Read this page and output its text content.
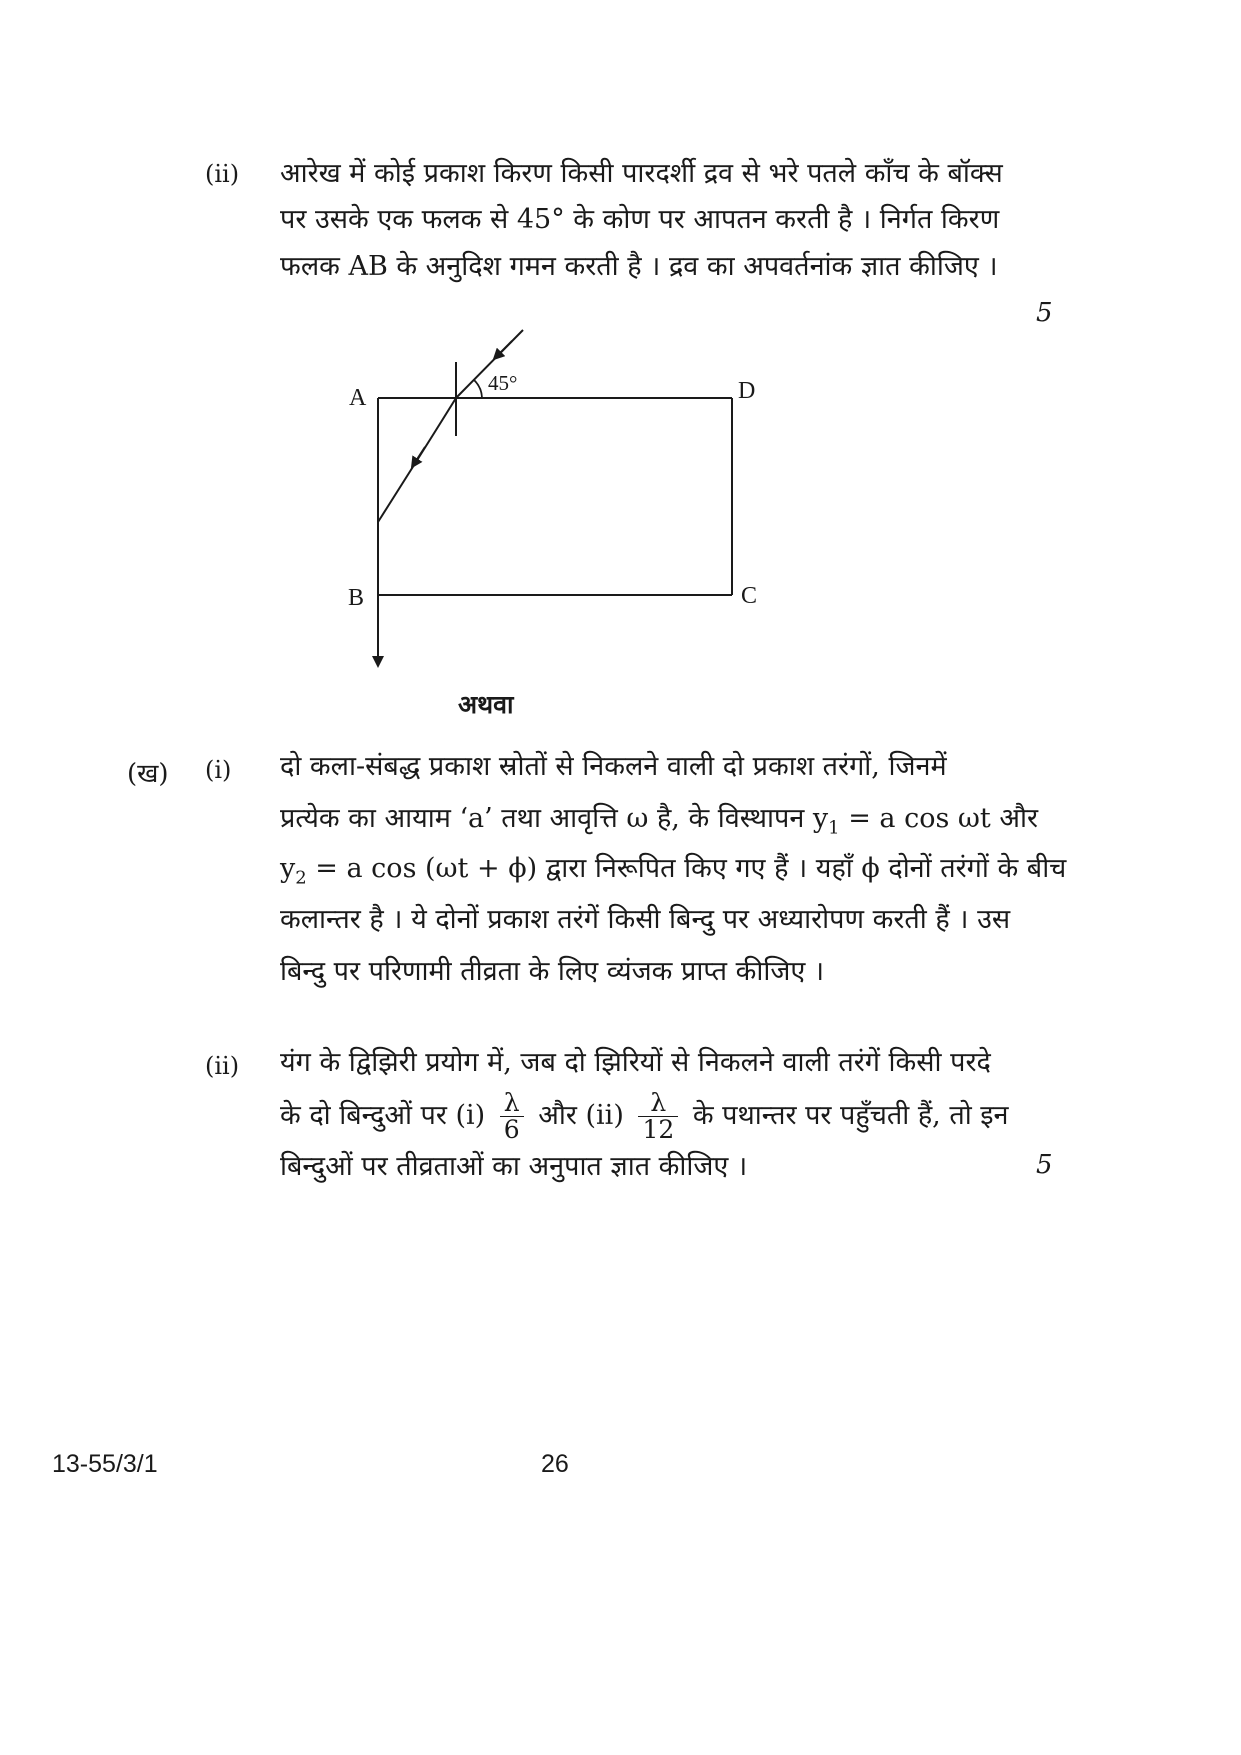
(ii) आरेख में कोई प्रकाश किरण किसी पारदर्शी द्रव से भरे पतले काँच के बॉक्स
पर उसके एक फलक से 45° के कोण पर आपतन करती है । निर्गत किरण
फलक AB के अनुदिश गमन करती है । द्रव का अपवर्तनांक ज्ञात कीजिए ।
5
A	D
B	C
45°
अथवा
(ख) (i) दो कला-संबद्ध प्रकाश स्रोतों से निकलने वाली दो प्रकाश तरंगों, जिनमें
प्रत्येक का आयाम ‘a’ तथा आवृत्ति ω है, के विस्थापन $y_1 = a$ cos ωt और
$y_2 = a$ cos (ωt + ϕ) द्वारा निरूपित किए गए हैं । यहाँ ϕ दोनों तरंगों के बीच
कलान्तर है । ये दोनों प्रकाश तरंगें किसी बिन्दु पर अध्यारोपण करती हैं । उस
बिन्दु पर परिणामी तीव्रता के लिए व्यंजक प्राप्त कीजिए ।
(ii) यंग के द्विझिरी प्रयोग में, जब दो झिरियों से निकलने वाली तरंगें किसी परदे
के दो बिन्दुओं पर $(i) \frac{\lambda}{6}$ और $(ii) \frac{\lambda}{12}$ के पथान्तर पर पहुँचती हैं, तो इन
बिन्दुओं पर तीव्रताओं का अनुपात ज्ञात कीजिए ।	5
13-55/3/1	26
